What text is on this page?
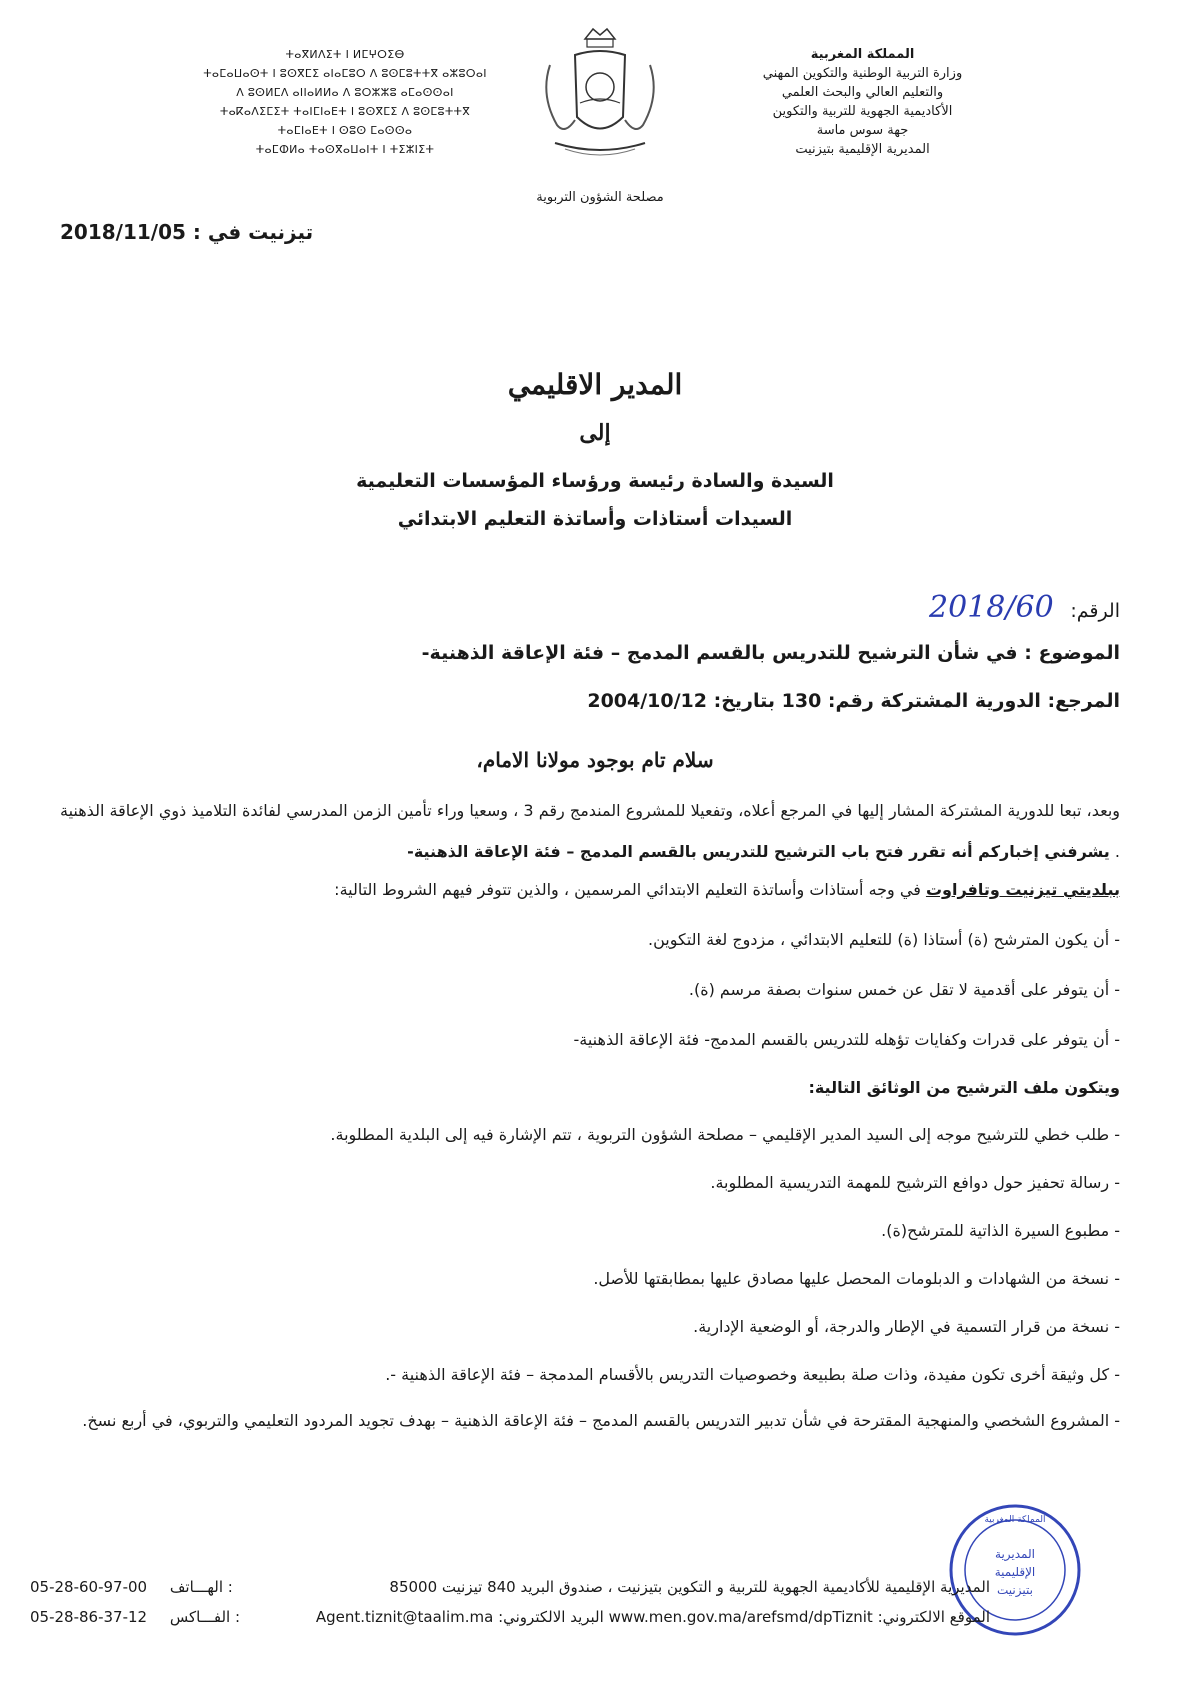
المملكة المغربية
وزارة التربية الوطنية والتكوين المهني
والتعليم العالي والبحث العلمي
الأكاديمية الجهوية للتربية والتكوين
جهة سوس ماسة
المديرية الإقليمية بتيزنيت
ⵜⴰⴳⵍⴷⵉⵜ ⵏ ⵍⵎⵖⵔⵉⴱ
ⵜⴰⵎⴰⵡⴰⵙⵜ ⵏ ⵓⵙⴳⵎⵉ ⴰⵏⴰⵎⵓⵔ ⴷ ⵓⵙⵎⵓⵜⵜⴳ ⴰⵣⵓⵔⴰⵏ
ⴷ ⵓⵙⵍⵎⴷ ⴰⵏⵏⴰⵍⵍⴰ ⴷ ⵓⵔⵣⵣⵓ ⴰⵎⴰⵙⵙⴰⵏ
ⵜⴰⴽⴰⴷⵉⵎⵉⵜ ⵜⴰⵏⵎⵏⴰⴹⵜ ⵏ ⵓⵙⴳⵎⵉ ⴷ ⵓⵙⵎⵓⵜⵜⴳ
ⵜⴰⵎⵏⴰⴹⵜ ⵏ ⵙⵓⵙ ⵎⴰⵙⵙⴰ
ⵜⴰⵎⵀⵍⴰ ⵜⴰⵙⴳⴰⵡⴰⵏⵜ ⵏ ⵜⵉⵣⵏⵉⵜ
مصلحة الشؤون التربوية
تيزنيت في : 2018/11/05
المدير الاقليمي
إلى
السيدة والسادة رئيسة ورؤساء المؤسسات التعليمية
السيدات أستاذات وأساتذة التعليم الابتدائي
الرقم: 2018/60
الموضوع : في شأن الترشيح للتدريس بالقسم المدمج – فئة الإعاقة الذهنية-
المرجع: الدورية المشتركة رقم: 130 بتاريخ: 2004/10/12
سلام تام بوجود مولانا الامام،
وبعد، تبعا للدورية المشتركة المشار إليها في المرجع أعلاه، وتفعيلا للمشروع المندمج رقم 3 ، وسعيا وراء تأمين الزمن المدرسي لفائدة التلاميذ ذوي الإعاقة الذهنية . يشرفني إخباركم أنه تقرر فتح باب الترشيح للتدريس بالقسم المدمج – فئة الإعاقة الذهنية-
ببلديتي تيزنيت وتافراوت في وجه أستاذات وأساتذة التعليم الابتدائي المرسمين ، والذين تتوفر فيهم الشروط التالية:
- أن يكون المترشح (ة) أستاذا (ة) للتعليم الابتدائي ، مزدوج لغة التكوين.
- أن يتوفر على أقدمية لا تقل عن خمس سنوات بصفة مرسم (ة).
- أن يتوفر على قدرات وكفايات تؤهله للتدريس بالقسم المدمج- فئة الإعاقة الذهنية-
ويتكون ملف الترشيح من الوثائق التالية:
- طلب خطي للترشيح موجه إلى السيد المدير الإقليمي – مصلحة الشؤون التربوية ، تتم الإشارة فيه إلى البلدية المطلوبة.
- رسالة تحفيز حول دوافع الترشيح للمهمة التدريسية المطلوبة.
- مطبوع السيرة الذاتية للمترشح(ة).
- نسخة من الشهادات و الدبلومات المحصل عليها مصادق عليها بمطابقتها للأصل.
- نسخة من قرار التسمية في الإطار والدرجة، أو الوضعية الإدارية.
- كل وثيقة أخرى تكون مفيدة، وذات صلة بطبيعة وخصوصيات التدريس بالأقسام المدمجة – فئة الإعاقة الذهنية -.
- المشروع الشخصي والمنهجية المقترحة في شأن تدبير التدريس بالقسم المدمج – فئة الإعاقة الذهنية – بهدف تجويد المردود التعليمي والتربوي، في أربع نسخ.
المملكة المغربية
المديرية
الإقليمية
بتيزنيت
المديرية الإقليمية للأكاديمية الجهوية للتربية و التكوين بتيزنيت ، صندوق البريد 840 تيزنيت 85000
الموقع الالكتروني: www.men.gov.ma/arefsmd/dpTiznit البريد الالكتروني: Agent.tiznit@taalim.ma
05-28-60-97-00 الهـــاتف :
05-28-86-37-12 الفـــاكس :
